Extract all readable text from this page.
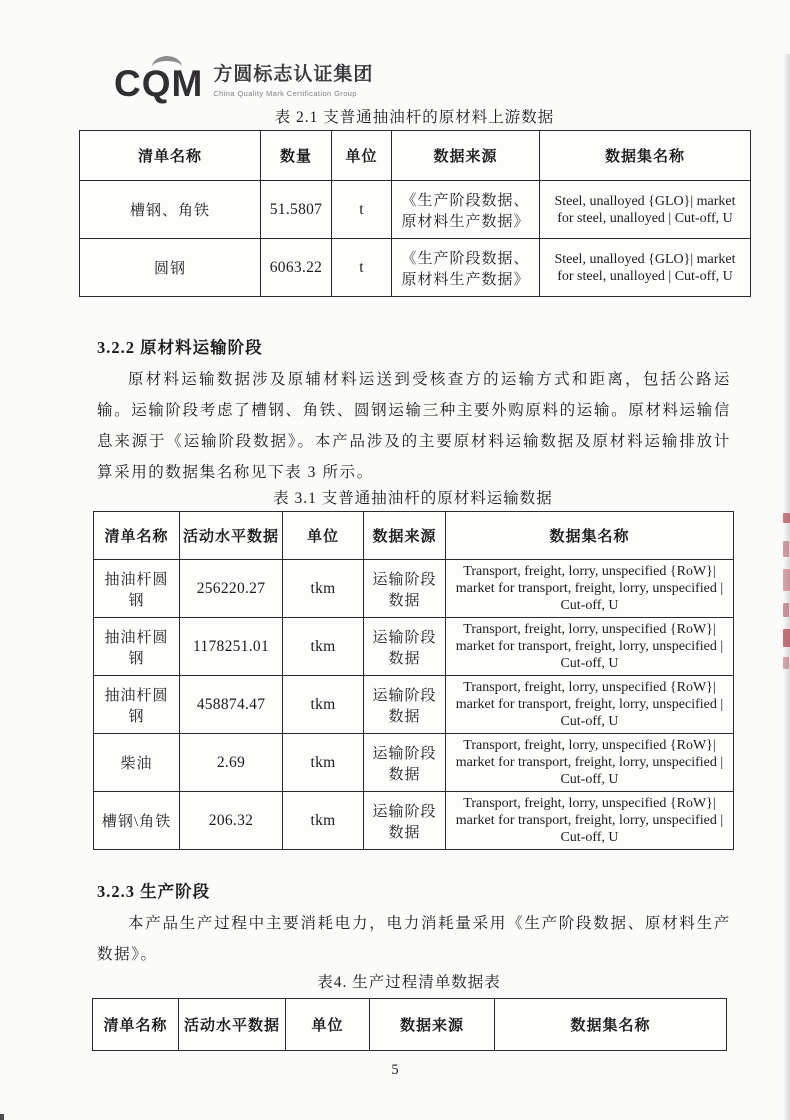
CQM 方圆标志认证集团
China Quality Mark Certification Group
表 2.1 支普通抽油杆的原材料上游数据
清单名称	数量	单位	数据来源	数据集名称
槽钢、角铁	51.5807	t	《生产阶段数据、原材料生产数据》	Steel, unalloyed {GLO}| market for steel, unalloyed | Cut-off, U
圆钢	6063.22	t	《生产阶段数据、原材料生产数据》	Steel, unalloyed {GLO}| market for steel, unalloyed | Cut-off, U
3.2.2 原材料运输阶段
原材料运输数据涉及原辅材料运送到受核查方的运输方式和距离，包括公路运输。运输阶段考虑了槽钢、角铁、圆钢运输三种主要外购原料的运输。原材料运输信息来源于《运输阶段数据》。本产品涉及的主要原材料运输数据及原材料运输排放计算采用的数据集名称见下表 3 所示。
表 3.1 支普通抽油杆的原材料运输数据
清单名称	活动水平数据	单位	数据来源	数据集名称
抽油杆圆钢	256220.27	tkm	运输阶段数据	Transport, freight, lorry, unspecified {RoW}| market for transport, freight, lorry, unspecified | Cut-off, U
抽油杆圆钢	1178251.01	tkm	运输阶段数据	Transport, freight, lorry, unspecified {RoW}| market for transport, freight, lorry, unspecified | Cut-off, U
抽油杆圆钢	458874.47	tkm	运输阶段数据	Transport, freight, lorry, unspecified {RoW}| market for transport, freight, lorry, unspecified | Cut-off, U
柴油	2.69	tkm	运输阶段数据	Transport, freight, lorry, unspecified {RoW}| market for transport, freight, lorry, unspecified | Cut-off, U
槽钢\角铁	206.32	tkm	运输阶段数据	Transport, freight, lorry, unspecified {RoW}| market for transport, freight, lorry, unspecified | Cut-off, U
3.2.3 生产阶段
本产品生产过程中主要消耗电力，电力消耗量采用《生产阶段数据、原材料生产数据》。
表4. 生产过程清单数据表
清单名称	活动水平数据	单位	数据来源	数据集名称
5
